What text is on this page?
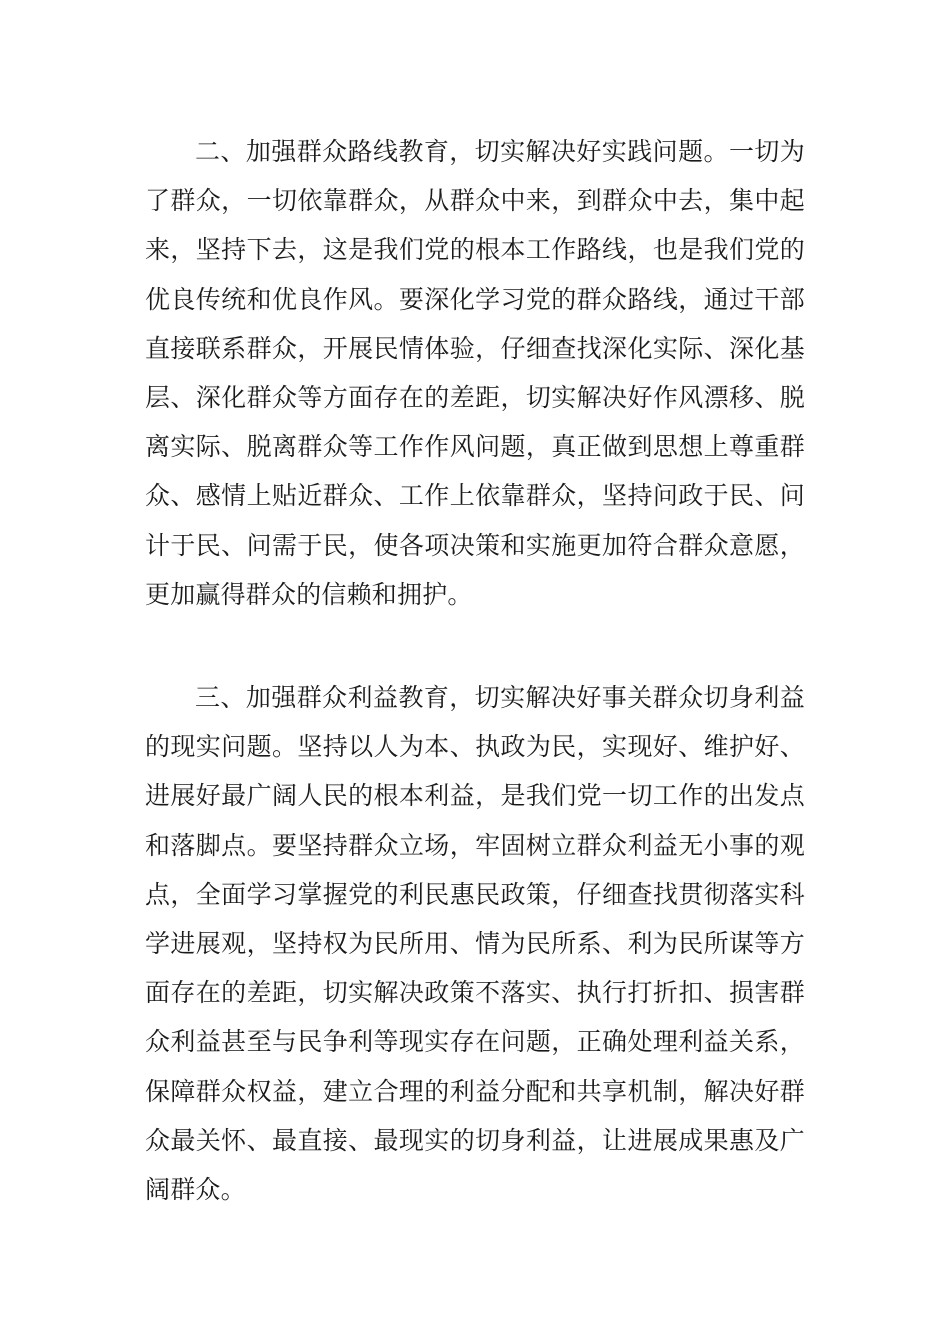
二、加强群众路线教育，切实解决好实践问题。一切为了群众，一切依靠群众，从群众中来，到群众中去，集中起来，坚持下去，这是我们党的根本工作路线，也是我们党的优良传统和优良作风。要深化学习党的群众路线，通过干部直接联系群众，开展民情体验，仔细查找深化实际、深化基层、深化群众等方面存在的差距，切实解决好作风漂移、脱离实际、脱离群众等工作作风问题，真正做到思想上尊重群众、感情上贴近群众、工作上依靠群众，坚持问政于民、问计于民、问需于民，使各项决策和实施更加符合群众意愿，更加赢得群众的信赖和拥护。

三、加强群众利益教育，切实解决好事关群众切身利益的现实问题。坚持以人为本、执政为民，实现好、维护好、进展好最广阔人民的根本利益，是我们党一切工作的出发点和落脚点。要坚持群众立场，牢固树立群众利益无小事的观点，全面学习掌握党的利民惠民政策，仔细查找贯彻落实科学进展观，坚持权为民所用、情为民所系、利为民所谋等方面存在的差距，切实解决政策不落实、执行打折扣、损害群众利益甚至与民争利等现实存在问题，正确处理利益关系，保障群众权益，建立合理的利益分配和共享机制，解决好群众最关怀、最直接、最现实的切身利益，让进展成果惠及广阔群众。
